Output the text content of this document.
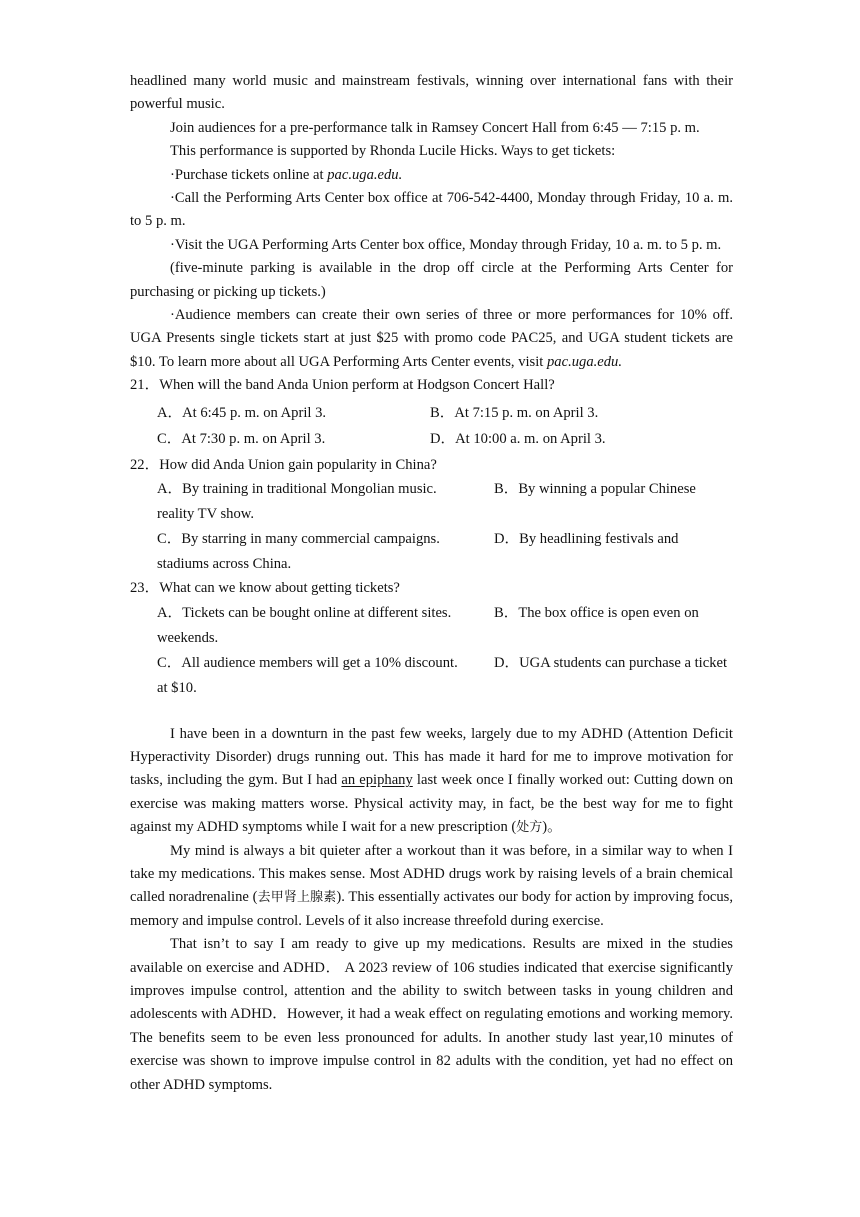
headlined many world music and mainstream festivals, winning over international fans with their powerful music.

Join audiences for a pre-performance talk in Ramsey Concert Hall from 6:45 — 7:15 p. m.

This performance is supported by Rhonda Lucile Hicks. Ways to get tickets:

·Purchase tickets online at pac.uga.edu.

·Call the Performing Arts Center box office at 706-542-4400, Monday through Friday, 10 a. m. to 5 p. m.

·Visit the UGA Performing Arts Center box office, Monday through Friday, 10 a. m. to 5 p. m.

(five-minute parking is available in the drop off circle at the Performing Arts Center for purchasing or picking up tickets.)

·Audience members can create their own series of three or more performances for 10% off. UGA Presents single tickets start at just $25 with promo code PAC25, and UGA student tickets are $10. To learn more about all UGA Performing Arts Center events, visit pac.uga.edu.

21．When will the band Anda Union perform at Hodgson Concert Hall?

A．At 6:45 p. m. on April 3.	B．At 7:15 p. m. on April 3.
C．At 7:30 p. m. on April 3.	D．At 10:00 a. m. on April 3.

22．How did Anda Union gain popularity in China?

A．By training in traditional Mongolian music.	B．By winning a popular Chinese reality TV show.
C．By starring in many commercial campaigns.	D．By headlining festivals and stadiums across China.

23．What can we know about getting tickets?

A．Tickets can be bought online at different sites.	B．The box office is open even on weekends.
C．All audience members will get a 10% discount. D．UGA students can purchase a ticket at $10.

I have been in a downturn in the past few weeks, largely due to my ADHD (Attention Deficit Hyperactivity Disorder) drugs running out. This has made it hard for me to improve motivation for tasks, including the gym. But I had an epiphany last week once I finally worked out: Cutting down on exercise was making matters worse. Physical activity may, in fact, be the best way for me to fight against my ADHD symptoms while I wait for a new prescription (处方)。

My mind is always a bit quieter after a workout than it was before, in a similar way to when I take my medications. This makes sense. Most ADHD drugs work by raising levels of a brain chemical called noradrenaline (去甲肾上腺素). This essentially activates our body for action by improving focus, memory and impulse control. Levels of it also increase threefold during exercise.

That isn’t to say I am ready to give up my medications. Results are mixed in the studies available on exercise and ADHD． A 2023 review of 106 studies indicated that exercise significantly improves impulse control, attention and the ability to switch between tasks in young children and adolescents with ADHD．However, it had a weak effect on regulating emotions and working memory. The benefits seem to be even less pronounced for adults. In another study last year,10 minutes of exercise was shown to improve impulse control in 82 adults with the condition, yet had no effect on other ADHD symptoms.
